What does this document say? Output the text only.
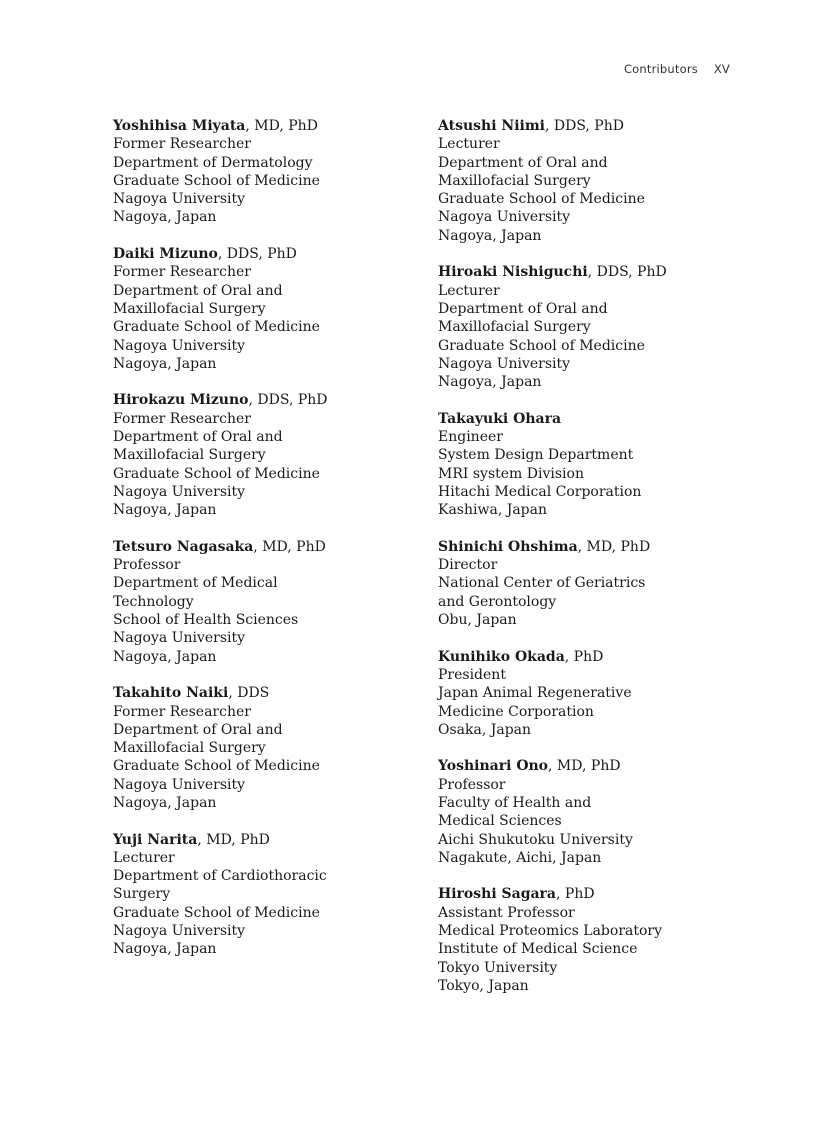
Contributors XV
Yoshihisa Miyata, MD, PhD
Former Researcher
Department of Dermatology
Graduate School of Medicine
Nagoya University
Nagoya, Japan
Daiki Mizuno, DDS, PhD
Former Researcher
Department of Oral and
Maxillofacial Surgery
Graduate School of Medicine
Nagoya University
Nagoya, Japan
Hirokazu Mizuno, DDS, PhD
Former Researcher
Department of Oral and
Maxillofacial Surgery
Graduate School of Medicine
Nagoya University
Nagoya, Japan
Tetsuro Nagasaka, MD, PhD
Professor
Department of Medical
Technology
School of Health Sciences
Nagoya University
Nagoya, Japan
Takahito Naiki, DDS
Former Researcher
Department of Oral and
Maxillofacial Surgery
Graduate School of Medicine
Nagoya University
Nagoya, Japan
Yuji Narita, MD, PhD
Lecturer
Department of Cardiothoracic
Surgery
Graduate School of Medicine
Nagoya University
Nagoya, Japan
Atsushi Niimi, DDS, PhD
Lecturer
Department of Oral and
Maxillofacial Surgery
Graduate School of Medicine
Nagoya University
Nagoya, Japan
Hiroaki Nishiguchi, DDS, PhD
Lecturer
Department of Oral and
Maxillofacial Surgery
Graduate School of Medicine
Nagoya University
Nagoya, Japan
Takayuki Ohara
Engineer
System Design Department
MRI system Division
Hitachi Medical Corporation
Kashiwa, Japan
Shinichi Ohshima, MD, PhD
Director
National Center of Geriatrics
and Gerontology
Obu, Japan
Kunihiko Okada, PhD
President
Japan Animal Regenerative
Medicine Corporation
Osaka, Japan
Yoshinari Ono, MD, PhD
Professor
Faculty of Health and
Medical Sciences
Aichi Shukutoku University
Nagakute, Aichi, Japan
Hiroshi Sagara, PhD
Assistant Professor
Medical Proteomics Laboratory
Institute of Medical Science
Tokyo University
Tokyo, Japan
